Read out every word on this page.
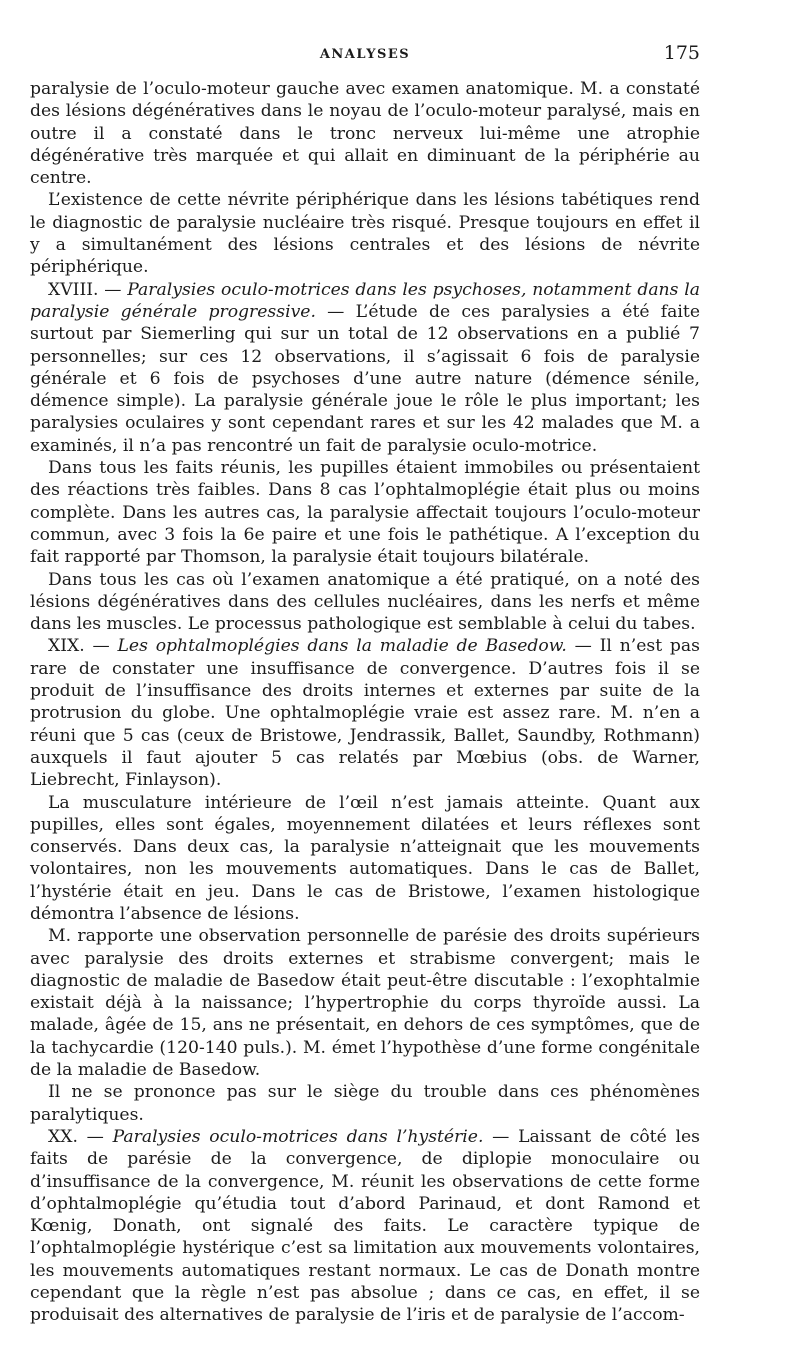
ANALYSES	175

paralysie de l’oculo-moteur gauche avec examen anatomique. M. a constaté des lésions dégénératives dans le noyau de l’oculo-moteur paralysé, mais en outre il a constaté dans le tronc nerveux lui-même une atrophie dégénérative très marquée et qui allait en diminuant de la périphérie au centre.

L’existence de cette névrite périphérique dans les lésions tabétiques rend le diagnostic de paralysie nucléaire très risqué. Presque toujours en effet il y a simultanément des lésions centrales et des lésions de névrite périphérique.

XVIII. — Paralysies oculo-motrices dans les psychoses, notamment dans la paralysie générale progressive. — L’étude de ces paralysies a été faite surtout par Siemerling qui sur un total de 12 observations en a publié 7 personnelles; sur ces 12 observations, il s’agissait 6 fois de paralysie générale et 6 fois de psychoses d’une autre nature (démence sénile, démence simple). La paralysie générale joue le rôle le plus important; les paralysies oculaires y sont cependant rares et sur les 42 malades que M. a examinés, il n’a pas rencontré un fait de paralysie oculo-motrice.

Dans tous les faits réunis, les pupilles étaient immobiles ou présentaient des réactions très faibles. Dans 8 cas l’ophtalmoplégie était plus ou moins complète. Dans les autres cas, la paralysie affectait toujours l’oculo-moteur commun, avec 3 fois la 6e paire et une fois le pathétique. A l’exception du fait rapporté par Thomson, la paralysie était toujours bilatérale.

Dans tous les cas où l’examen anatomique a été pratiqué, on a noté des lésions dégénératives dans des cellules nucléaires, dans les nerfs et même dans les muscles. Le processus pathologique est semblable à celui du tabes.

XIX. — Les ophtalmoplégies dans la maladie de Basedow. — Il n’est pas rare de constater une insuffisance de convergence. D’autres fois il se produit de l’insuffisance des droits internes et externes par suite de la protrusion du globe. Une ophtalmoplégie vraie est assez rare. M. n’en a réuni que 5 cas (ceux de Bristowe, Jendrassik, Ballet, Saundby, Rothmann) auxquels il faut ajouter 5 cas relatés par Mœbius (obs. de Warner, Liebrecht, Finlayson).

La musculature intérieure de l’œil n’est jamais atteinte. Quant aux pupilles, elles sont égales, moyennement dilatées et leurs réflexes sont conservés. Dans deux cas, la paralysie n’atteignait que les mouvements volontaires, non les mouvements automatiques. Dans le cas de Ballet, l’hystérie était en jeu. Dans le cas de Bristowe, l’examen histologique démontra l’absence de lésions.

M. rapporte une observation personnelle de parésie des droits supérieurs avec paralysie des droits externes et strabisme convergent; mais le diagnostic de maladie de Basedow était peut-être discutable : l’exophtalmie existait déjà à la naissance; l’hypertrophie du corps thyroïde aussi. La malade, âgée de 15, ans ne présentait, en dehors de ces symptômes, que de la tachycardie (120-140 puls.). M. émet l’hypothèse d’une forme congénitale de la maladie de Basedow.

Il ne se prononce pas sur le siège du trouble dans ces phénomènes paralytiques.

XX. — Paralysies oculo-motrices dans l’hystérie. — Laissant de côté les faits de parésie de la convergence, de diplopie monoculaire ou d’insuffisance de la convergence, M. réunit les observations de cette forme d’ophtalmoplégie qu’étudia tout d’abord Parinaud, et dont Ramond et Kœnig, Donath, ont signalé des faits. Le caractère typique de l’ophtalmoplégie hystérique c’est sa limitation aux mouvements volontaires, les mouvements automatiques restant normaux. Le cas de Donath montre cependant que la règle n’est pas absolue ; dans ce cas, en effet, il se produisait des alternatives de paralysie de l’iris et de paralysie de l’accom-
